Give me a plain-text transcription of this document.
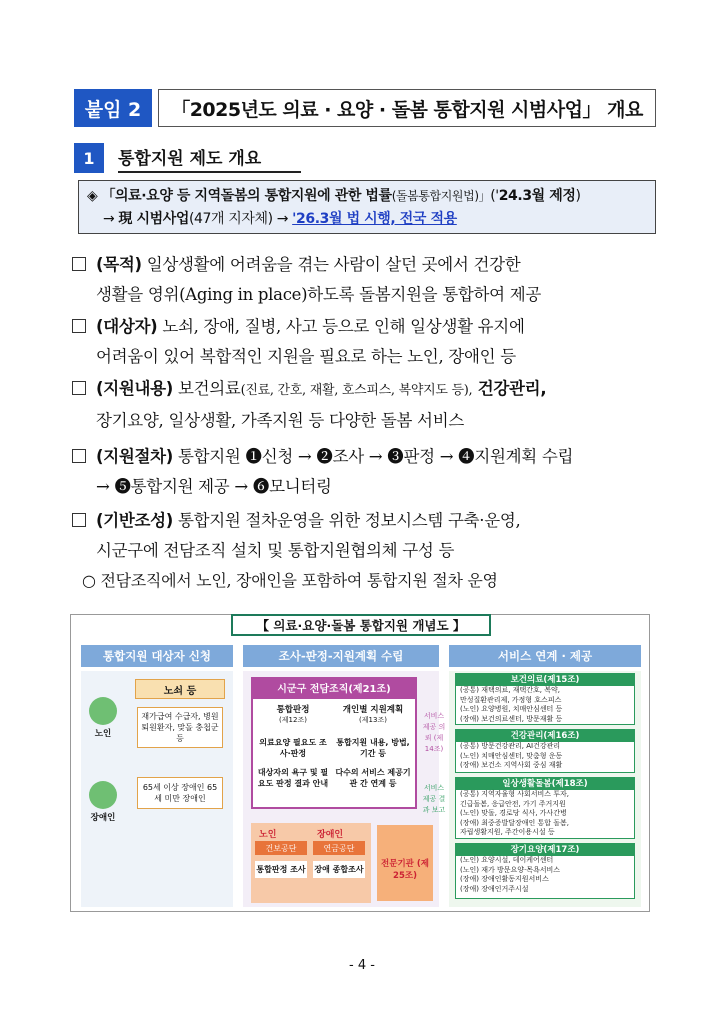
붙임 2	「2025년도 의료 · 요양 · 돌봄 통합지원 시범사업」 개요
1	통합지원 제도 개요
◈ 「의료·요양 등 지역돌봄의 통합지원에 관한 법률(돌봄통합지원법)」('24.3월 제정)
→ 現 시범사업(47개 지자체) → '26.3월 법 시행, 전국 적용
(목적) 일상생활에 어려움을 겪는 사람이 살던 곳에서 건강한
생활을 영위(Aging in place)하도록 돌봄지원을 통합하여 제공
(대상자) 노쇠, 장애, 질병, 사고 등으로 인해 일상생활 유지에
어려움이 있어 복합적인 지원을 필요로 하는 노인, 장애인 등
(지원내용) 보건의료(진료, 간호, 재활, 호스피스, 복약지도 등), 건강관리,
장기요양, 일상생활, 가족지원 등 다양한 돌봄 서비스
(지원절차) 통합지원 ❶신청 → ❷조사 → ❸판정 → ❹지원계획 수립
→ ❺통합지원 제공 → ❻모니터링
(기반조성) 통합지원 절차운영을 위한 정보시스템 구축·운영,
시군구에 전담조직 설치 및 통합지원협의체 구성 등
○ 전담조직에서 노인, 장애인을 포함하여 통합지원 절차 운영
【 의료·요양·돌봄 통합지원 개념도 】
통합지원 대상자 신청	조사-판정-지원계획 수립	서비스 연계 · 제공
노인
노쇠 등
재가급여 수급자, 병원 퇴원환자, 맞돌 충첩군 등
장애인
65세 이상 장애인 65세 미만 장애인
시군구 전담조직(제21조)
통합판정
(제12조)
개인별 지원계획
(제13조)
의료요양 필요도 조사·판정
대상자의 욕구 및 필요도 판정 결과 안내
통합지원 내용, 방법, 기간 등
다수의 서비스 제공기관 간 연계 등
노인	장애인
건보공단	연금공단
통합판정 조사 장애 종합조사
전문기관 (제25조)
서비스 제공 의뢰 (제14조)
서비스 제공 결과 보고
보건의료(제15조)
(공통) 재택의료, 재택간호, 복약,
만성질환관리제, 가정형 호스피스
(노인) 요양병원, 치매안심센터 등
(장애) 보건의료센터, 방문재활 등
건강관리(제16조)
(공통) 방문건강관리, AI건강관리
(노인) 치매안심센터, 맞춤형 운동
(장애) 보건소 지역사회 중심 재활
일상생활돌봄(제18조)
(공통) 지역자율형 사회서비스 투자,
긴급돌봄, 응급안전, 가기 주거지원
(노인) 맞돌, 경로당 식사, 가사간병
(장애) 최중증발달장애인 통합 돌봄,
자립생활지원, 주간이용시설 등
장기요양(제17조)
(노인) 요양시설, 데이케어센터
(노인) 재가 방문요양·목욕서비스
(장애) 장애인활동지원서비스
(장애) 장애인거주시설
- 4 -
